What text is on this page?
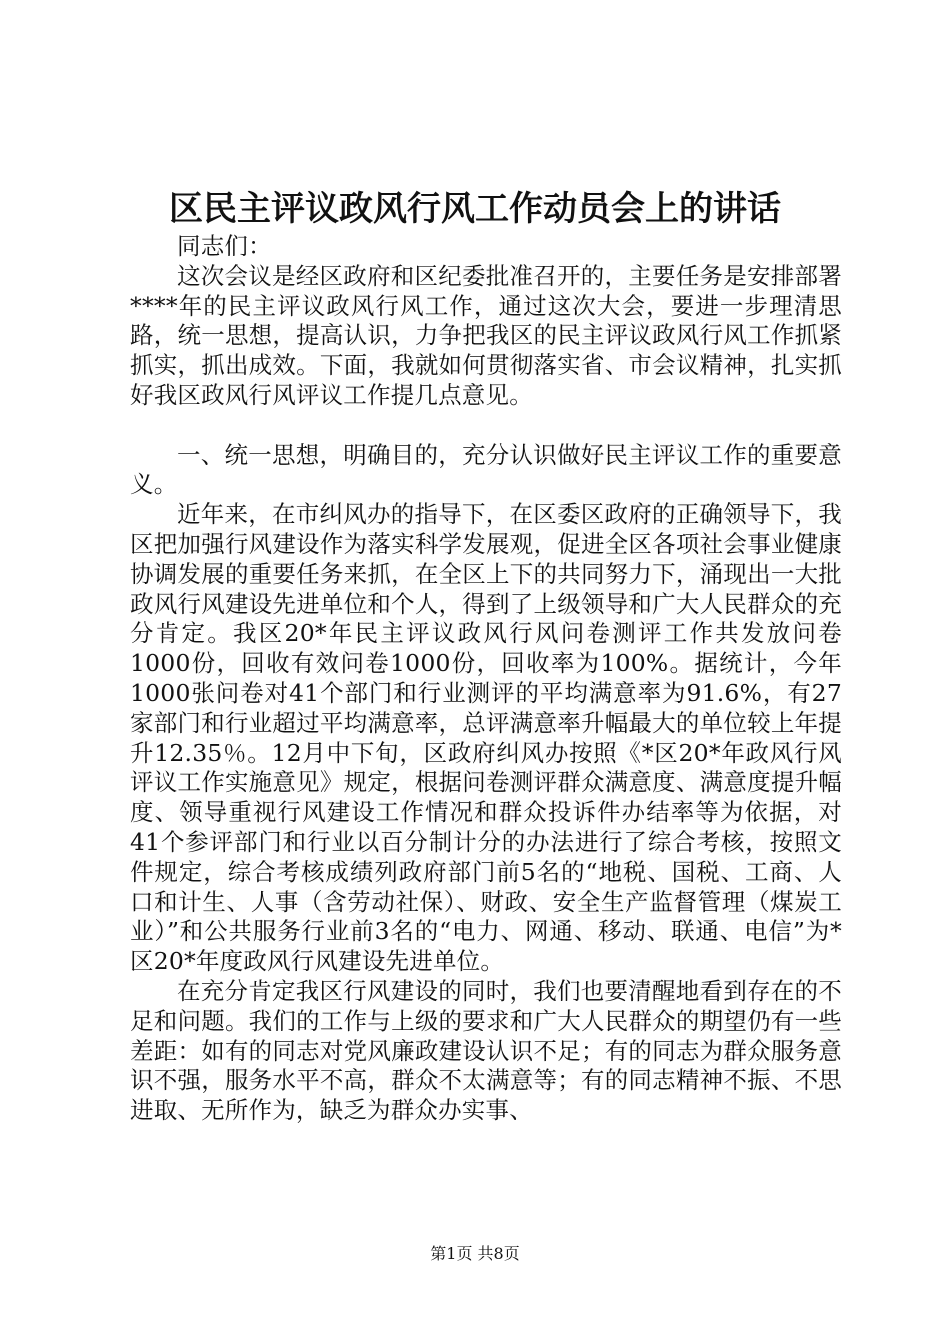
区民主评议政风行风工作动员会上的讲话

同志们：

这次会议是经区政府和区纪委批准召开的，主要任务是安排部署****年的民主评议政风行风工作，通过这次大会，要进一步理清思路，统一思想，提高认识，力争把我区的民主评议政风行风工作抓紧抓实，抓出成效。下面，我就如何贯彻落实省、市会议精神，扎实抓好我区政风行风评议工作提几点意见。

一、统一思想，明确目的，充分认识做好民主评议工作的重要意义。

近年来，在市纠风办的指导下，在区委区政府的正确领导下，我区把加强行风建设作为落实科学发展观，促进全区各项社会事业健康协调发展的重要任务来抓，在全区上下的共同努力下，涌现出一大批政风行风建设先进单位和个人，得到了上级领导和广大人民群众的充分肯定。我区20*年民主评议政风行风问卷测评工作共发放问卷1000份，回收有效问卷1000份，回收率为100%。据统计，今年1000张问卷对41个部门和行业测评的平均满意率为91.6%，有27家部门和行业超过平均满意率，总评满意率升幅最大的单位较上年提升12.35％。12月中下旬，区政府纠风办按照《*区20*年政风行风评议工作实施意见》规定，根据问卷测评群众满意度、满意度提升幅度、领导重视行风建设工作情况和群众投诉件办结率等为依据，对41个参评部门和行业以百分制计分的办法进行了综合考核，按照文件规定，综合考核成绩列政府部门前5名的“地税、国税、工商、人口和计生、人事（含劳动社保）、财政、安全生产监督管理（煤炭工业）”和公共服务行业前3名的“电力、网通、移动、联通、电信”为*区20*年度政风行风建设先进单位。

在充分肯定我区行风建设的同时，我们也要清醒地看到存在的不足和问题。我们的工作与上级的要求和广大人民群众的期望仍有一些差距：如有的同志对党风廉政建设认识不足；有的同志为群众服务意识不强，服务水平不高，群众不太满意等；有的同志精神不振、不思进取、无所作为，缺乏为群众办实事、

第1页 共8页
